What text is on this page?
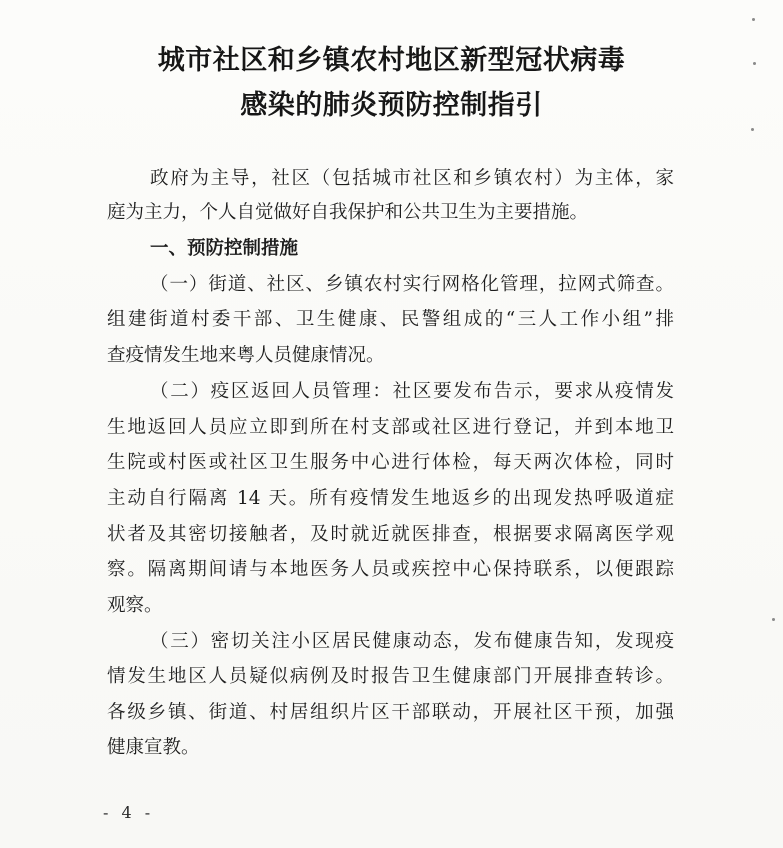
城市社区和乡镇农村地区新型冠状病毒
感染的肺炎预防控制指引
政府为主导，社区（包括城市社区和乡镇农村）为主体，家
庭为主力，个人自觉做好自我保护和公共卫生为主要措施。
一、预防控制措施
（一）街道、社区、乡镇农村实行网格化管理，拉网式筛查。
组建街道村委干部、卫生健康、民警组成的“三人工作小组”排
查疫情发生地来粤人员健康情况。
（二）疫区返回人员管理：社区要发布告示，要求从疫情发
生地返回人员应立即到所在村支部或社区进行登记，并到本地卫
生院或村医或社区卫生服务中心进行体检，每天两次体检，同时
主动自行隔离 14 天。所有疫情发生地返乡的出现发热呼吸道症
状者及其密切接触者，及时就近就医排查，根据要求隔离医学观
察。隔离期间请与本地医务人员或疾控中心保持联系，以便跟踪
观察。
（三）密切关注小区居民健康动态，发布健康告知，发现疫
情发生地区人员疑似病例及时报告卫生健康部门开展排查转诊。
各级乡镇、街道、村居组织片区干部联动，开展社区干预，加强
健康宣教。
- 4 -
